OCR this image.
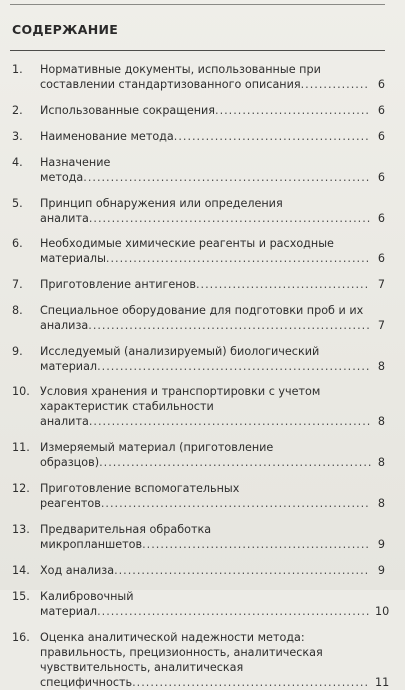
СОДЕРЖАНИЕ
1.	Нормативные документы, использованные при составлении стандартизованного описания............... 6
2.	Использованные сокращения.................................. 6
3.	Наименование метода........................................... 6
4.	Назначение метода............................................................... 6
5.	Принцип обнаружения или определения аналита.............................................................. 6
6.	Необходимые химические реагенты и расходные материалы.......................................................... 6
7.	Приготовление антигенов...................................... 7
8.	Специальное оборудование для подготовки проб и их анализа.............................................................. 7
9.	Исследуемый (анализируемый) биологический материал............................................................ 8
10. Условия хранения и транспортировки с учетом характеристик стабильности аналита.............................................................. 8
11. Измеряемый материал (приготовление образцов)............................................................ 8
12. Приготовление вспомогательных реагентов........................................................... 8
13. Предварительная обработка микропланшетов.................................................. 9
14. Ход анализа........................................................ 9
15. Калибровочный материал............................................................ 10
16. Оценка аналитической надежности метода: правильность, прецизионность, аналитическая чувствительность, аналитическая специфичность.................................................... 11
